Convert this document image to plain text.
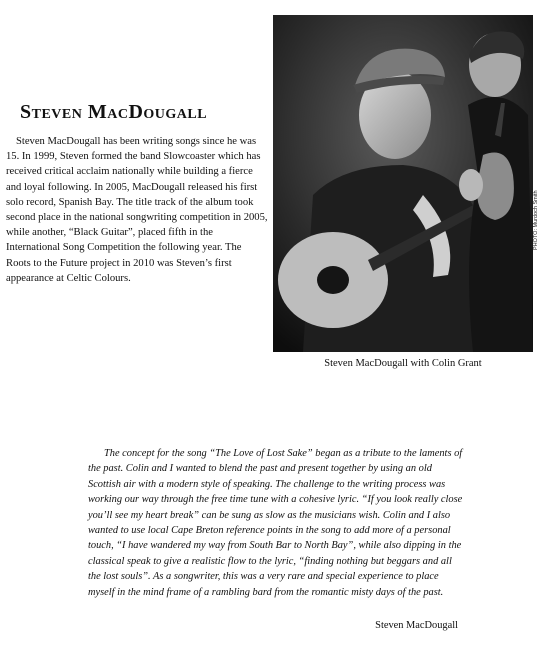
Steven MacDougall

Steven MacDougall has been writing songs since he was 15. In 1999, Steven formed the band Slowcoaster which has received critical acclaim nationally while building a fierce and loyal following. In 2005, MacDougall released his first solo record, Spanish Bay. The title track of the album took second place in the national songwriting competition in 2005, while another, “Black Guitar”, placed fifth in the International Song Competition the following year. The Roots to the Future project in 2010 was Steven’s first appearance at Celtic Colours.

PHOTO: Murdoch Smith

Steven MacDougall with Colin Grant

The concept for the song “The Love of Lost Sake” began as a tribute to the laments of the past. Colin and I wanted to blend the past and present together by using an old Scottish air with a modern style of speaking. The challenge to the writing process was working our way through the free time tune with a cohesive lyric. “If you look really close you’ll see my heart break” can be sung as slow as the musicians wish. Colin and I also wanted to use local Cape Breton reference points in the song to add more of a personal touch, “I have wandered my way from South Bar to North Bay”, while also dipping in the classical speak to give a realistic flow to the lyric, “finding nothing but beggars and all the lost souls”. As a songwriter, this was a very rare and special experience to place myself in the mind frame of a rambling bard from the romantic misty days of the past.

Steven MacDougall
